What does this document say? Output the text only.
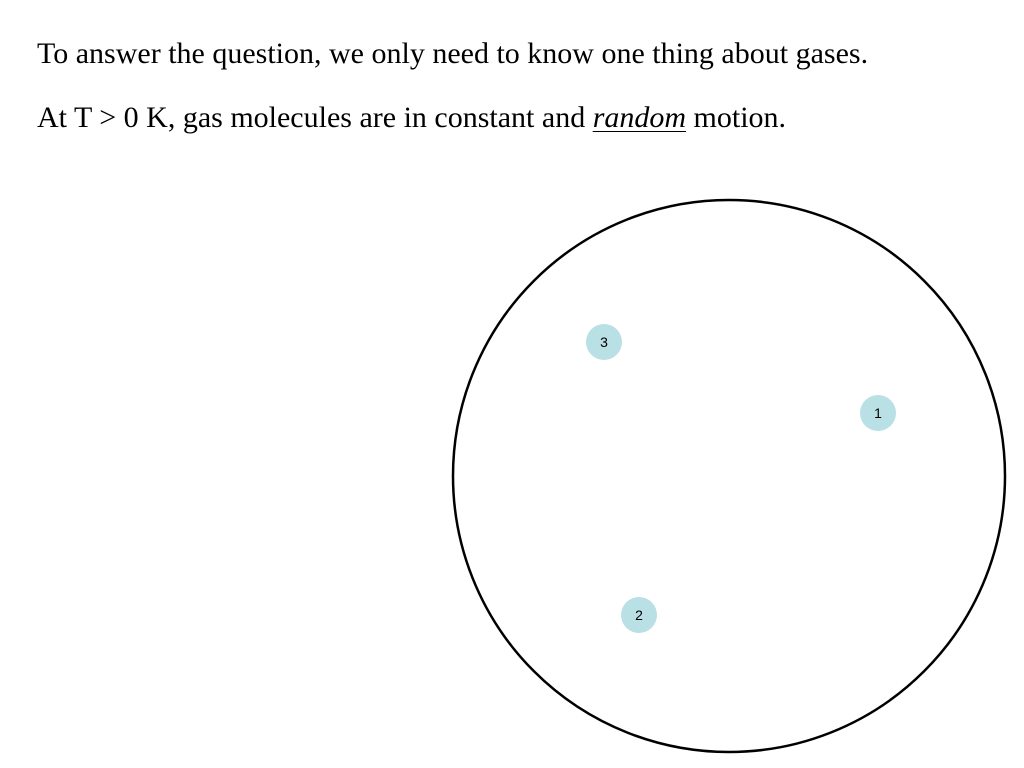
To answer the question, we only need to know one thing about gases.

At T > 0 K, gas molecules are in constant and random motion.

3
1
2
